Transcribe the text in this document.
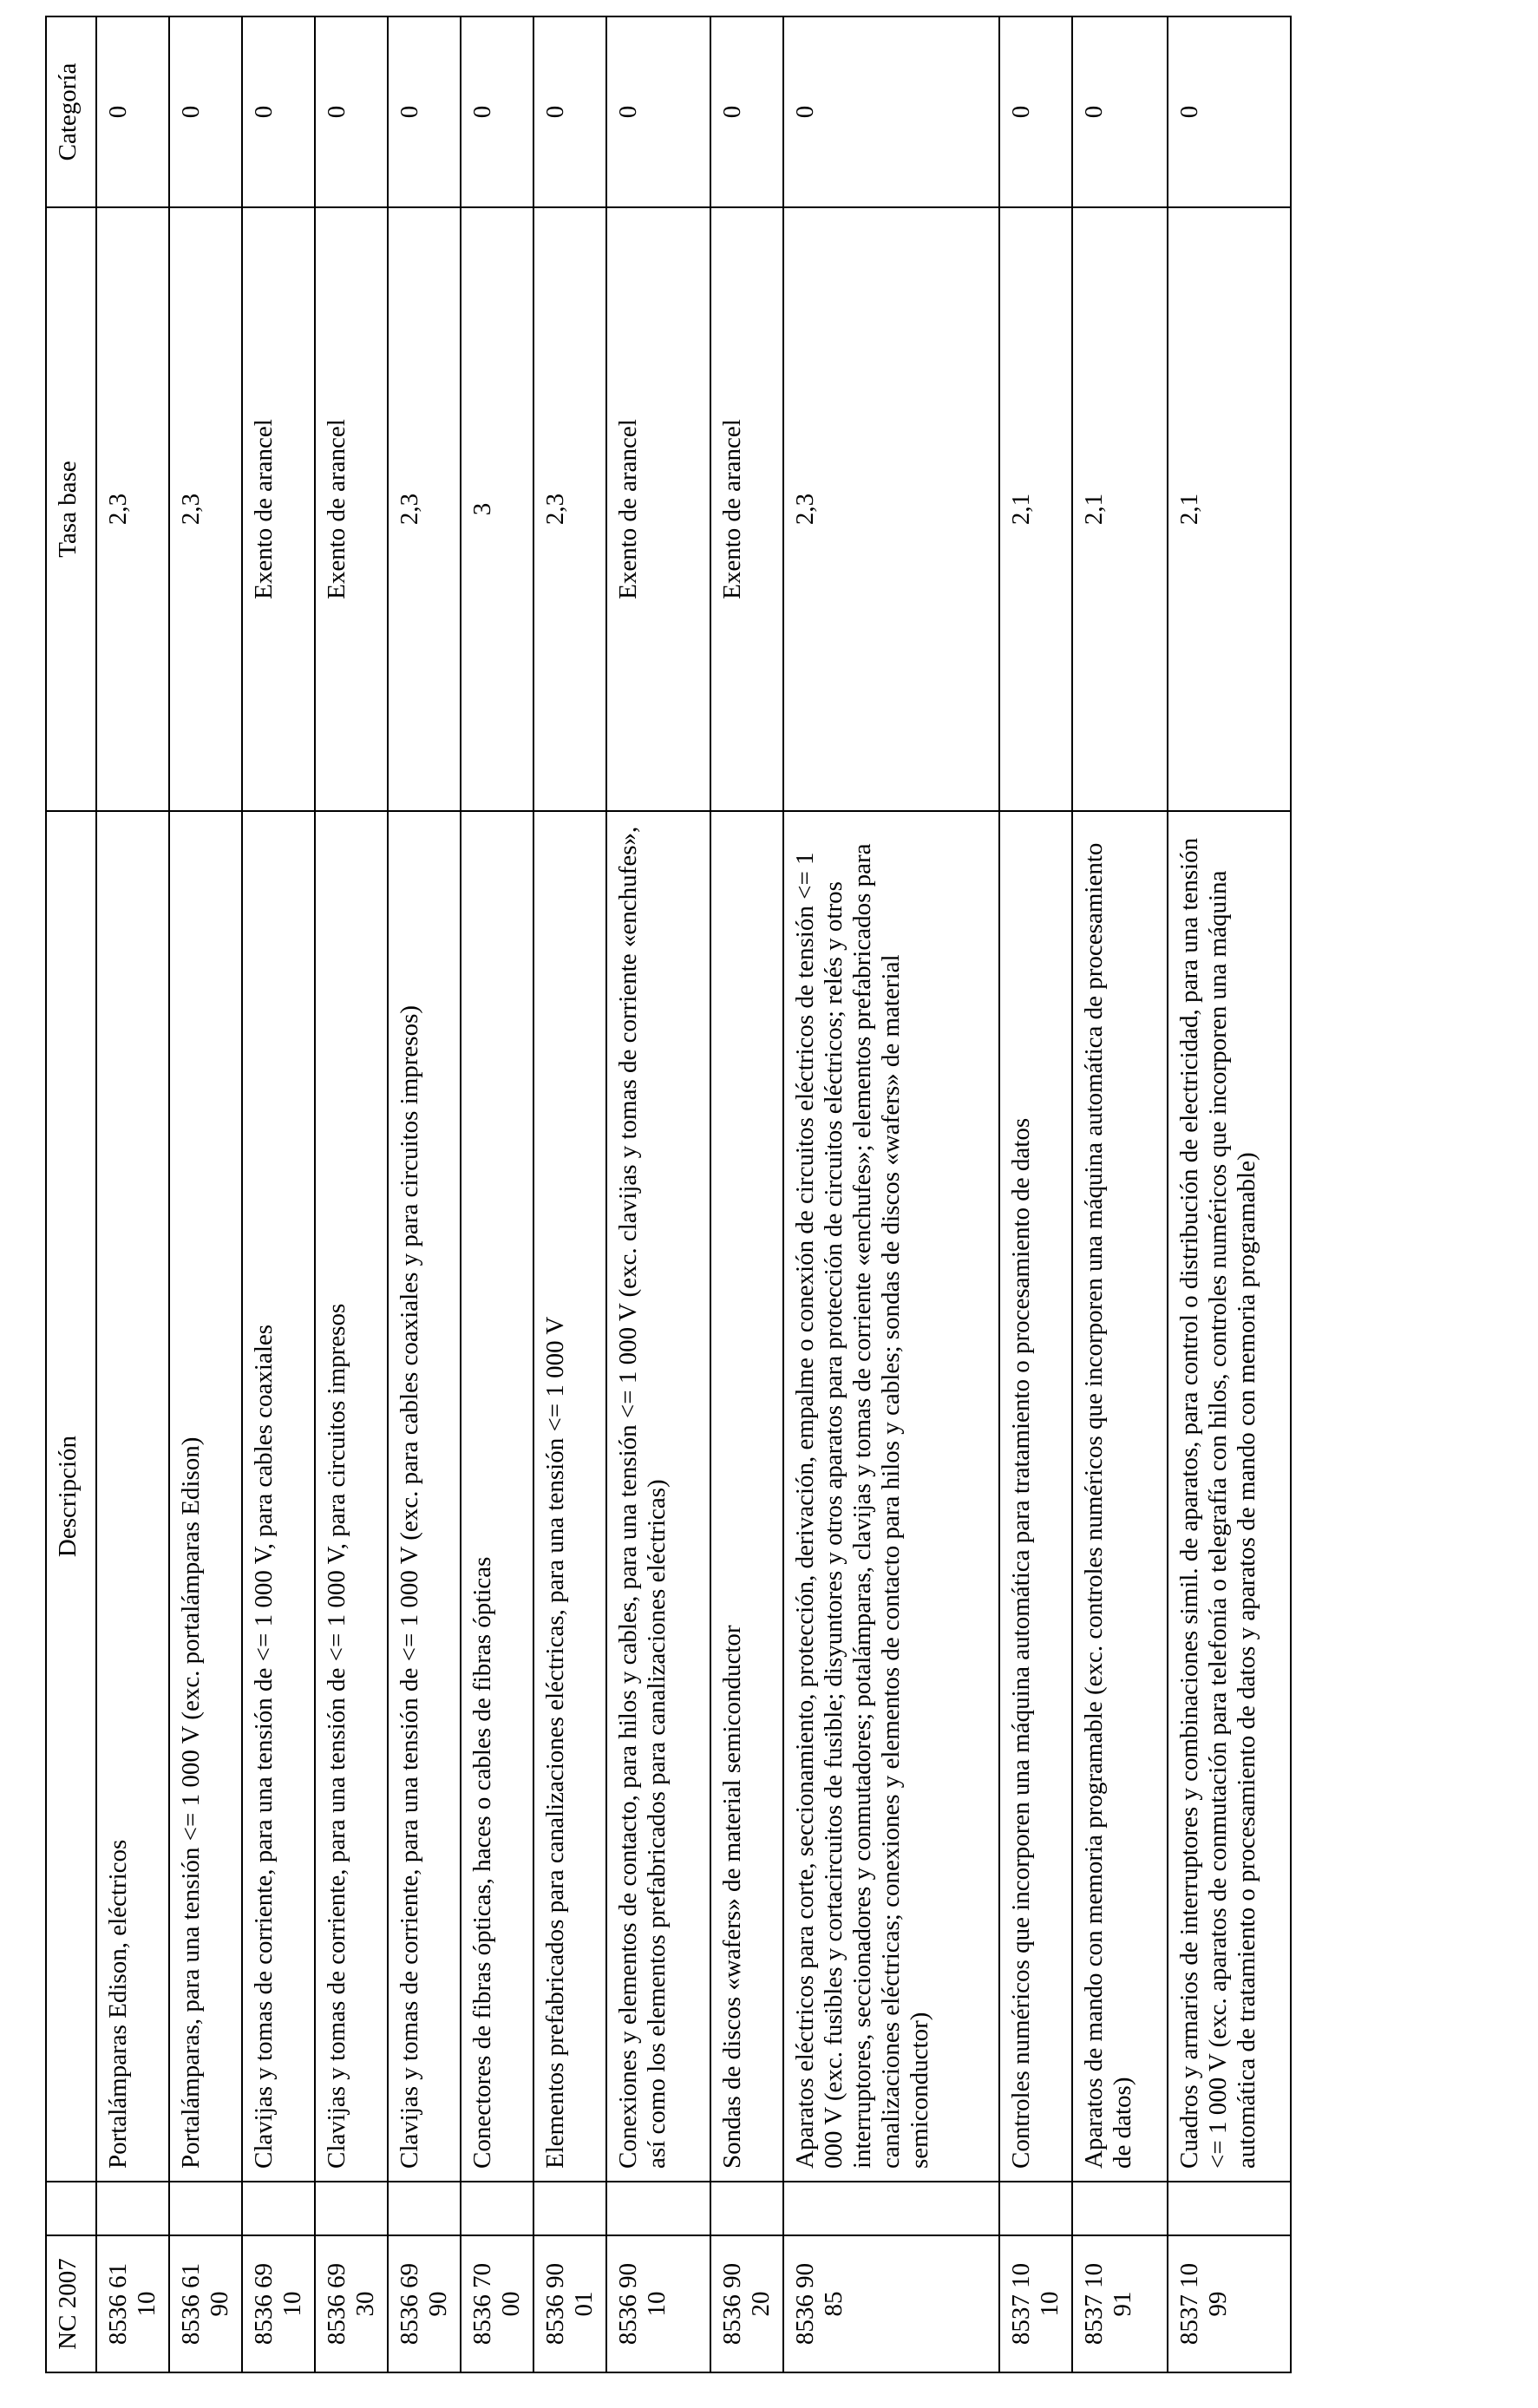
NC 2007		Descripción	Tasa base	Categoría
8536 61 10		Portalámparas Edison, eléctricos	2,3	0
8536 61 90		Portalámparas, para una tensión <= 1 000 V (exc. portalámparas Edison)	2,3	0
8536 69 10		Clavijas y tomas de corriente, para una tensión de <= 1 000 V, para cables coaxiales	Exento de arancel	0
8536 69 30		Clavijas y tomas de corriente, para una tensión de <= 1 000 V, para circuitos impresos	Exento de arancel	0
8536 69 90		Clavijas y tomas de corriente, para una tensión de <= 1 000 V (exc. para cables coaxiales y para circuitos impresos)	2,3	0
8536 70 00		Conectores de fibras ópticas, haces o cables de fibras ópticas	3	0
8536 90 01		Elementos prefabricados para canalizaciones eléctricas, para una tensión <= 1 000 V	2,3	0
8536 90 10		Conexiones y elementos de contacto, para hilos y cables, para una tensión <= 1 000 V (exc. clavijas y tomas de corriente «enchufes», así como los elementos prefabricados para canalizaciones eléctricas)	Exento de arancel	0
8536 90 20		Sondas de discos «wafers» de material semiconductor	Exento de arancel	0
8536 90 85		Aparatos eléctricos para corte, seccionamiento, protección, derivación, empalme o conexión de circuitos eléctricos de tensión <= 1 000 V (exc. fusibles y cortacircuitos de fusible; disyuntores y otros aparatos para protección de circuitos eléctricos; relés y otros interruptores, seccionadores y conmutadores; potalámparas, clavijas y tomas de corriente «enchufes»; elementos prefabricados para canalizaciones eléctricas; conexiones y elementos de contacto para hilos y cables; sondas de discos «wafers» de material semiconductor)	2,3	0
8537 10 10		Controles numéricos que incorporen una máquina automática para tratamiento o procesamiento de datos	2,1	0
8537 10 91		Aparatos de mando con memoria programable (exc. controles numéricos que incorporen una máquina automática de procesamiento de datos)	2,1	0
8537 10 99		Cuadros y armarios de interruptores y combinaciones simil. de aparatos, para control o distribución de electricidad, para una tensión <= 1 000 V (exc. aparatos de conmutación para telefonía o telegrafía con hilos, controles numéricos que incorporen una máquina automática de tratamiento o procesamiento de datos y aparatos de mando con memoria programable)	2,1	0
